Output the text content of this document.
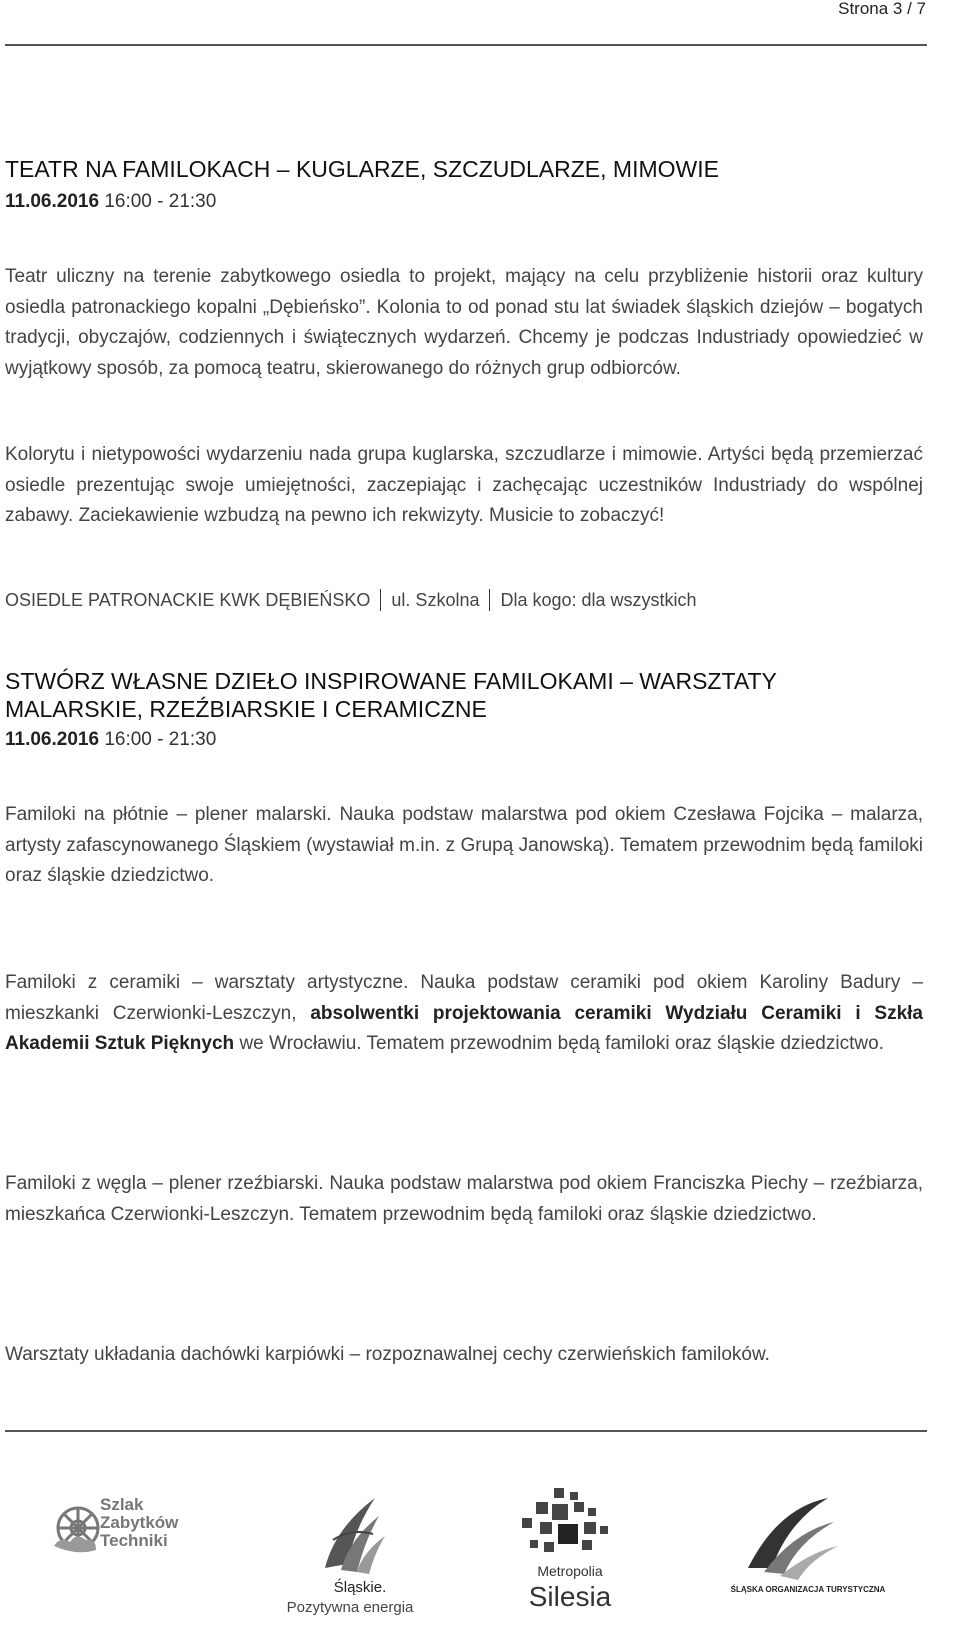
Strona 3 / 7
TEATR NA FAMILOKACH – KUGLARZE, SZCZUDLARZE, MIMOWIE
11.06.2016 16:00 - 21:30

Teatr uliczny na terenie zabytkowego osiedla to projekt, mający na celu przybliżenie historii oraz kultury osiedla patronackiego kopalni „Dębieńsko”. Kolonia to od ponad stu lat świadek śląskich dziejów – bogatych tradycji, obyczajów, codziennych i świątecznych wydarzeń. Chcemy je podczas Industriady opowiedzieć w wyjątkowy sposób, za pomocą teatru, skierowanego do różnych grup odbiorców.

Kolorytu i nietypowości wydarzeniu nada grupa kuglarska, szczudlarze i mimowie. Artyści będą przemierzać osiedle prezentując swoje umiejętności, zaczepiając i zachęcając uczestników Industriady do wspólnej zabawy. Zaciekawienie wzbudzą na pewno ich rekwizyty. Musicie to zobaczyć!

OSIEDLE PATRONACKIE KWK DĘBIEŃSKO ul. Szkolna Dla kogo: dla wszystkich
STWÓRZ WŁASNE DZIEŁO INSPIROWANE FAMILOKAMI – WARSZTATY MALARSKIE, RZEŹBIARSKIE I CERAMICZNE
11.06.2016 16:00 - 21:30

Familoki na płótnie – plener malarski. Nauka podstaw malarstwa pod okiem Czesława Fojcika – malarza, artysty zafascynowanego Śląskiem (wystawiał m.in. z Grupą Janowską). Tematem przewodnim będą familoki oraz śląskie dziedzictwo.

Familoki z ceramiki – warsztaty artystyczne. Nauka podstaw ceramiki pod okiem Karoliny Badury – mieszkanki Czerwionki-Leszczyn, absolwentki projektowania ceramiki Wydziału Ceramiki i Szkła Akademii Sztuk Pięknych we Wrocławiu. Tematem przewodnim będą familoki oraz śląskie dziedzictwo.

Familoki z węgla – plener rzeźbiarski. Nauka podstaw malarstwa pod okiem Franciszka Piechy – rzeźbiarza, mieszkańca Czerwionki-Leszczyn. Tematem przewodnim będą familoki oraz śląskie dziedzictwo.

Warsztaty układania dachówki karpiówki – rozpoznawalnej cechy czerwieńskich familoków.

Szlak
Zabytków
Techniki
Śląskie.
Pozytywna energia
Metropolia
Silesia	ŚLĄSKA ORGANIZACJA TURYSTYCZNA
